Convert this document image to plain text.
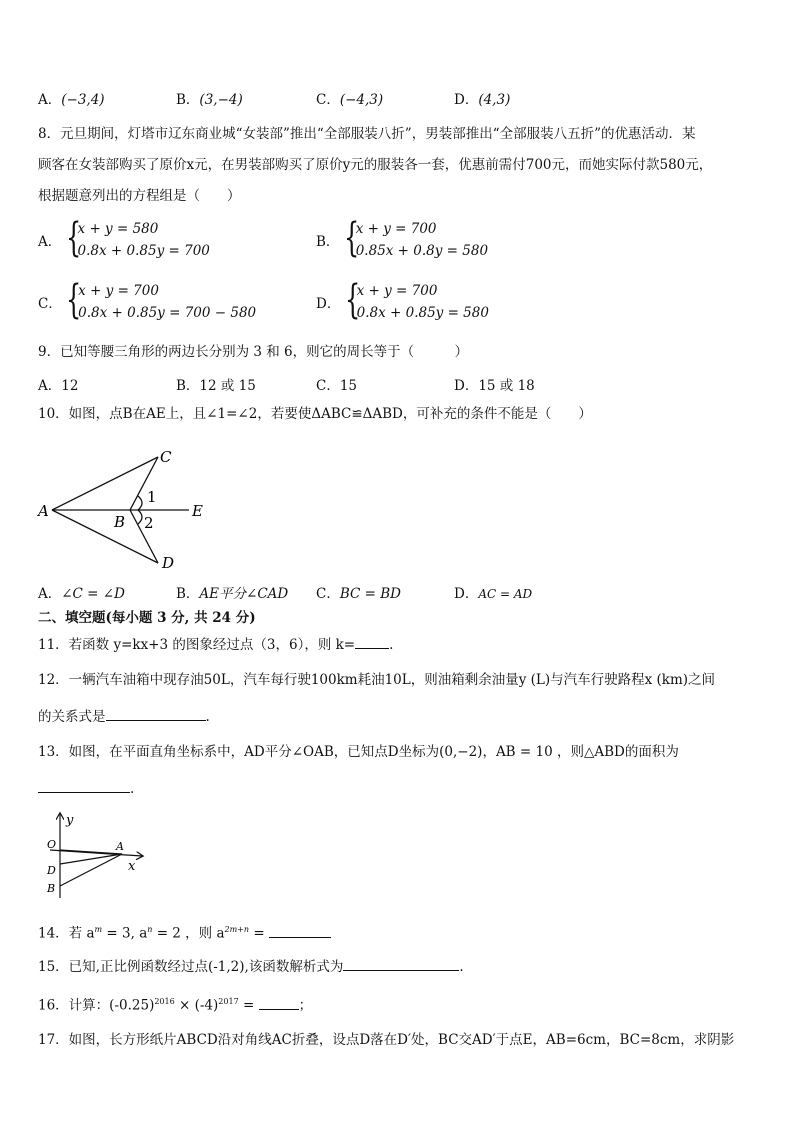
A．(−3,4)	B．(3,−4)	C．(−4,3)	D．(4,3)
8．元旦期间，灯塔市辽东商业城“女装部”推出“全部服装八折”，男装部推出“全部服装八五折”的优惠活动．某
顾客在女装部购买了原价x元，在男装部购买了原价y元的服装各一套，优惠前需付700元，而她实际付款580元，
根据题意列出的方程组是（　　）
A． {
x + y = 580
0.8x + 0.85y = 700
B． {
x + y = 700
0.85x + 0.8y = 580
C． {
x + y = 700
0.8x + 0.85y = 700 − 580
D． {
x + y = 700
0.8x + 0.85y = 580
9．已知等腰三角形的两边长分别为 3 和 6，则它的周长等于（　　　）
A．12	B．12 或 15	C．15	D．15 或 18
10．如图，点B在AE上，且∠1=∠2，若要使ΔABC≌ΔABD，可补充的条件不能是（　　）
A
B
C
D
E
1
2
A．∠C = ∠D	B．AE平分∠CAD C．BC = BD	D．AC = AD
二、填空题(每小题 3 分, 共 24 分)
11．若函数 y=kx+3 的图象经过点（3，6），则 k=	.
12．一辆汽车油箱中现存油50L，汽车每行驶100km耗油10L，则油箱剩余油量y (L)与汽车行驶路程x (km)之间
的关系式是	.
13．如图，在平面直角坐标系中，AD平分∠OAB，已知点D坐标为(0,−2)，AB = 10 ，则△ABD的面积为
.
y
x
O	A
D
B
14．若 $a^m = 3$, $a^n = 2$ ，则 $a^{2m+n}$ =
15．已知,正比例函数经过点(-1,2),该函数解析式为	.
16．计算：$(-0.25)^{2016} \times (-4)^{2017}$ =	；
17．如图，长方形纸片ABCD沿对角线AC折叠，设点D落在D′处，BC交AD′于点E，AB=6cm，BC=8cm，求阴影
